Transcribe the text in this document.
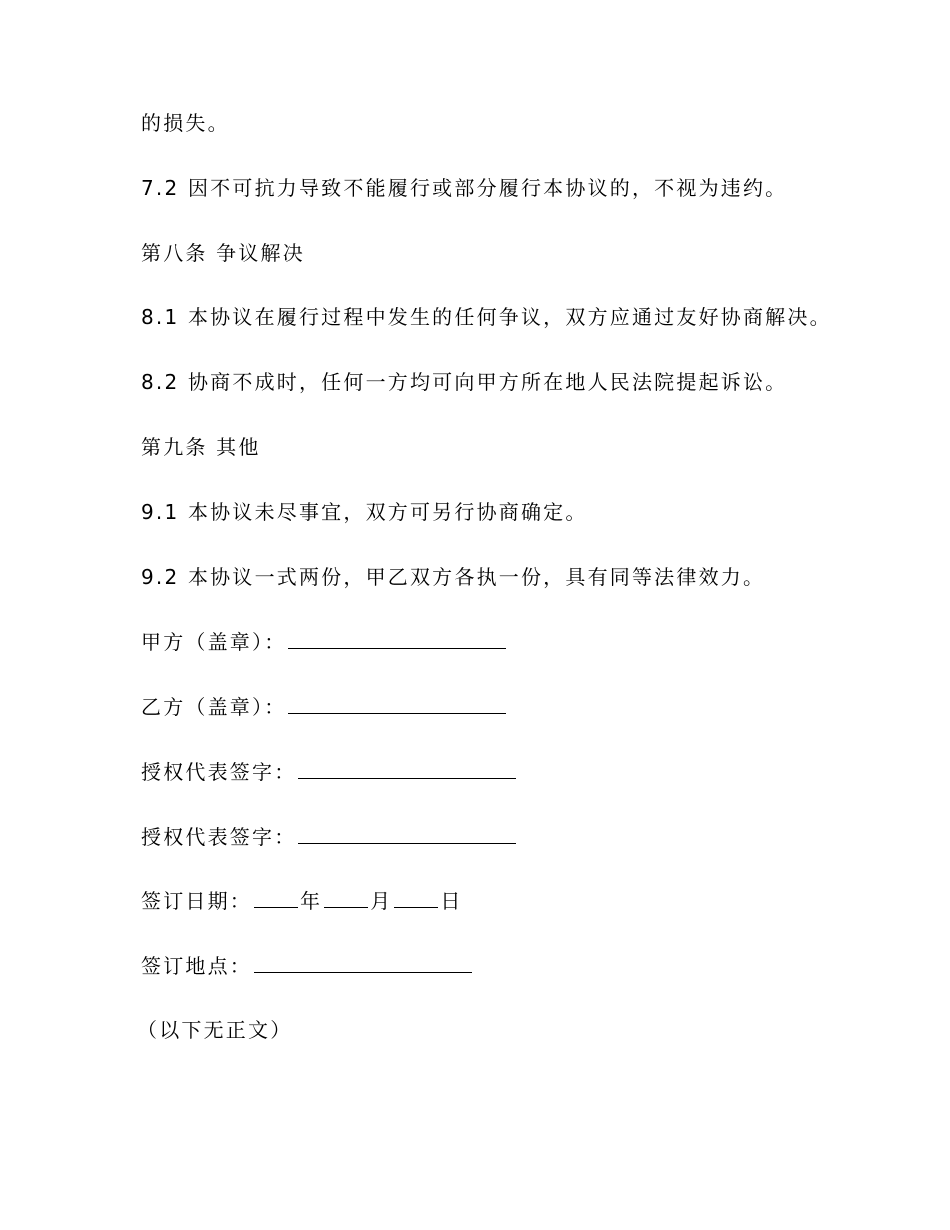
的损失。
7.2 因不可抗力导致不能履行或部分履行本协议的，不视为违约。
第八条 争议解决
8.1 本协议在履行过程中发生的任何争议，双方应通过友好协商解决。
8.2 协商不成时，任何一方均可向甲方所在地人民法院提起诉讼。
第九条 其他
9.1 本协议未尽事宜，双方可另行协商确定。
9.2 本协议一式两份，甲乙双方各执一份，具有同等法律效力。
甲方（盖章）：
乙方（盖章）：
授权代表签字：
授权代表签字：
签订日期： 年 月 日
签订地点：
（以下无正文）
